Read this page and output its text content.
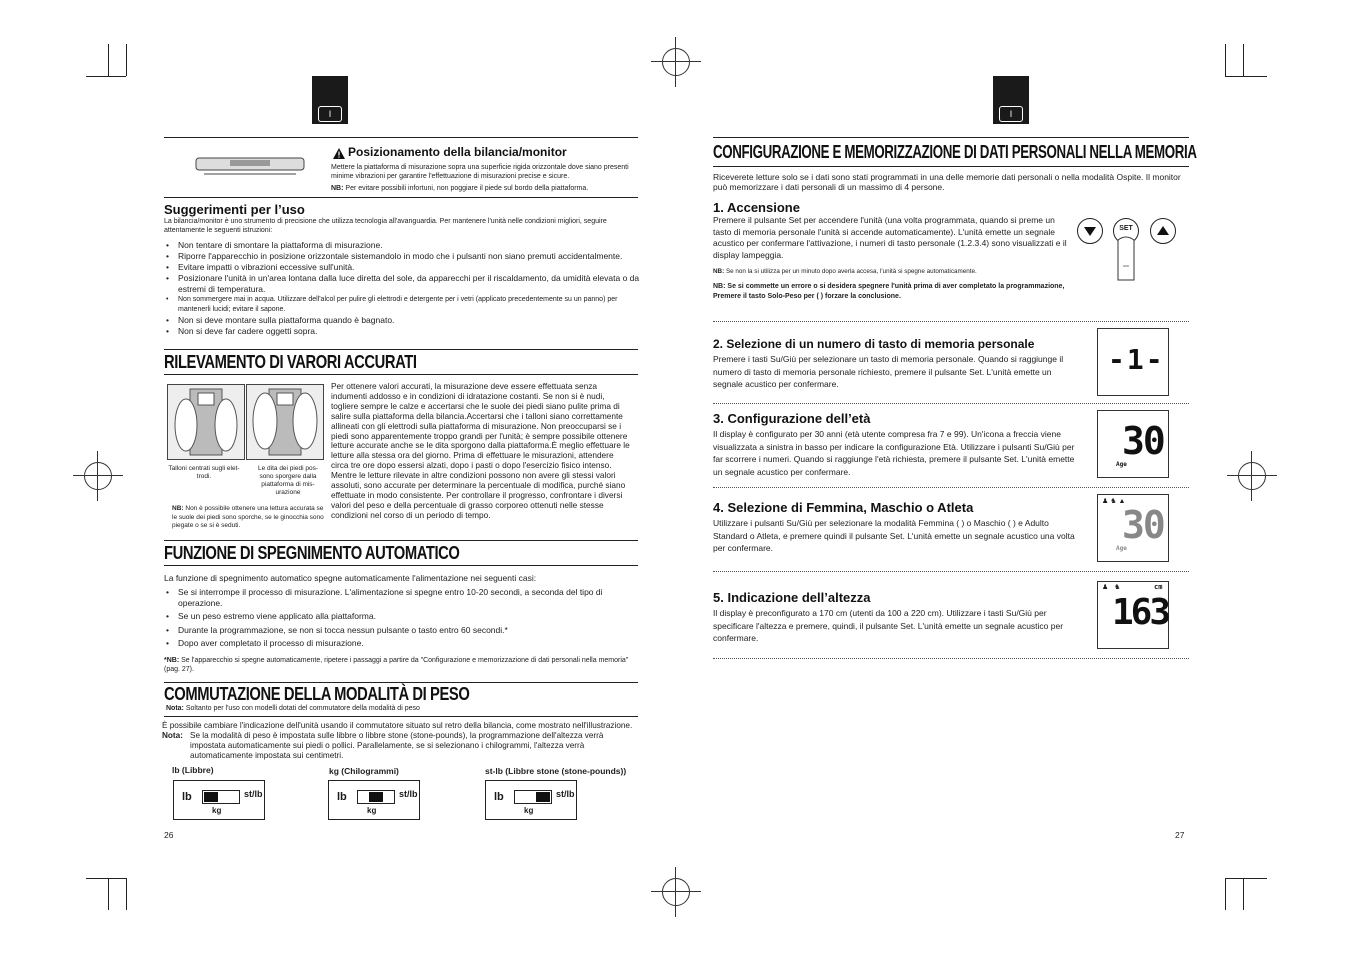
I
Posizionamento della bilancia/monitor
Mettere la piattaforma di misurazione sopra una superficie rigida orizzontale dove siano presenti minime vibrazioni per garantire l'effettuazione di misurazioni precise e sicure.
NB: Per evitare possibili infortuni, non poggiare il piede sul bordo della piattaforma.
Suggerimenti per l’uso
La bilancia/monitor è uno strumento di precisione che utilizza tecnologia all'avanguardia. Per mantenere l'unità nelle condizioni migliori, seguire attentamente le seguenti istruzioni:
• Non tentare di smontare la piattaforma di misurazione.
• Riporre l'apparecchio in posizione orizzontale sistemandolo in modo che i pulsanti non siano premuti accidentalmente.
• Evitare impatti o vibrazioni eccessive sull'unità.
• Posizionare l'unità in un'area lontana dalla luce diretta del sole, da apparecchi per il riscaldamento, da umidità elevata o da estremi di temperatura.
• Non sommergere mai in acqua. Utilizzare dell'alcol per pulire gli elettrodi e detergente per i vetri (applicato precedentemente su un panno) per mantenerli lucidi; evitare il sapone.
• Non si deve montare sulla piattaforma quando è bagnato.
• Non si deve far cadere oggetti sopra.
RILEVAMENTO DI VARORI ACCURATI
Talloni centrati sugli elet-trodi.
Le dita dei piedi pos-sono sporgere dalla piattaforma di mis-urazione
NB: Non è possibile ottenere una lettura accurata se le suole dei piedi sono sporche, se le ginocchia sono piegate o se si è seduti.
Per ottenere valori accurati, la misurazione deve essere effettuata senza indumenti addosso e in condizioni di idratazione costanti. Se non si è nudi, togliere sempre le calze e accertarsi che le suole dei piedi siano pulite prima di salire sulla piattaforma della bilancia.Accertarsi che i talloni siano correttamente allineati con gli elettrodi sulla piattaforma di misurazione. Non preoccuparsi se i piedi sono apparentemente troppo grandi per l'unità; è sempre possibile ottenere letture accurate anche se le dita sporgono dalla piattaforma.È meglio effettuare le letture alla stessa ora del giorno. Prima di effettuare le misurazioni, attendere circa tre ore dopo essersi alzati, dopo i pasti o dopo l'esercizio fisico intenso. Mentre le letture rilevate in altre condizioni possono non avere gli stessi valori assoluti, sono accurate per determinare la percentuale di modifica, purché siano effettuate in modo consistente. Per controllare il progresso, confrontare i diversi valori del peso e della percentuale di grasso corporeo ottenuti nelle stesse condizioni nel corso di un periodo di tempo.
FUNZIONE DI SPEGNIMENTO AUTOMATICO
La funzione di spegnimento automatico spegne automaticamente l'alimentazione nei seguenti casi:
• Se si interrompe il processo di misurazione. L'alimentazione si spegne entro 10-20 secondi, a seconda del tipo di operazione.
• Se un peso estremo viene applicato alla piattaforma.
• Durante la programmazione, se non si tocca nessun pulsante o tasto entro 60 secondi.*
• Dopo aver completato il processo di misurazione.
*NB: Se l'apparecchio si spegne automaticamente, ripetere i passaggi a partire da "Configurazione e memorizzazione di dati personali nella memoria" (pag. 27).
COMMUTAZIONE DELLA MODALITÀ DI PESO
Nota: Soltanto per l'uso con modelli dotati del commutatore della modalità di peso
È possibile cambiare l'indicazione dell'unità usando il commutatore situato sul retro della bilancia, come mostrato nell'illustrazione.
Nota: Se la modalità di peso è impostata sulle libbre o libbre stone (stone-pounds), la programmazione dell'altezza verrà impostata automaticamente sui piedi o pollici. Parallelamente, se si selezionano i chilogrammi, l'altezza verrà automaticamente impostata sui centimetri.
lb (Libbre)	kg (Chilogrammi)	st-lb (Libbre stone (stone-pounds))
lb	st/lb
kg
lb	st/lb
kg
lb	st/lb
kg
26
I
CONFIGURAZIONE E MEMORIZZAZIONE DI DATI PERSONALI NELLA MEMORIA
Riceverete letture solo se i dati sono stati programmati in una delle memorie dati personali o nella modalità Ospite. Il monitor può memorizzare i dati personali di un massimo di 4 persone.
1. Accensione
Premere il pulsante Set per accendere l'unità (una volta programmata, quando si preme un tasto di memoria personale l'unità si accende automaticamente). L'unità emette un segnale acustico per confermare l'attivazione, i numeri di tasto personale (1.2.3.4) sono visualizzati e il display lampeggia.
NB: Se non la si utilizza per un minuto dopo averla accesa, l'unità si spegne automaticamente.
NB: Se si commette un errore o si desidera spegnere l'unità prima di aver completato la programmazione, Premere il tasto Solo-Peso per ( ) forzare la conclusione.
SET
2. Selezione di un numero di tasto di memoria personale
Premere i tasti Su/Giù per selezionare un tasto di memoria personale. Quando si raggiunge il numero di tasto di memoria personale richiesto, premere il pulsante Set. L'unità emette un segnale acustico per confermare.
-1-
3. Configurazione dell’età
Il display è configurato per 30 anni (età utente compresa fra 7 e 99). Un'icona a freccia viene visualizzata a sinistra in basso per indicare la configurazione Età. Utilizzare i pulsanti Su/Giù per far scorrere i numeri. Quando si raggiunge l'età richiesta, premere il pulsante Set. L'unità emette un segnale acustico per confermare.
30
Age
4. Selezione di Femmina, Maschio o Atleta
Utilizzare i pulsanti Su/Giù per selezionare la modalità Femmina ( ) o Maschio ( ) e Adulto Standard o Atleta, e premere quindi il pulsante Set. L'unità emette un segnale acustico una volta per confermare.
♟ ♞ ▲
30
Age
5. Indicazione dell’altezza
Il display è preconfigurato a 170 cm (utenti da 100 a 220 cm). Utilizzare i tasti Su/Giù per specificare l'altezza e premere, quindi, il pulsante Set. L'unità emette un segnale acustico per confermare.
♟   ♞	cm
163
27
